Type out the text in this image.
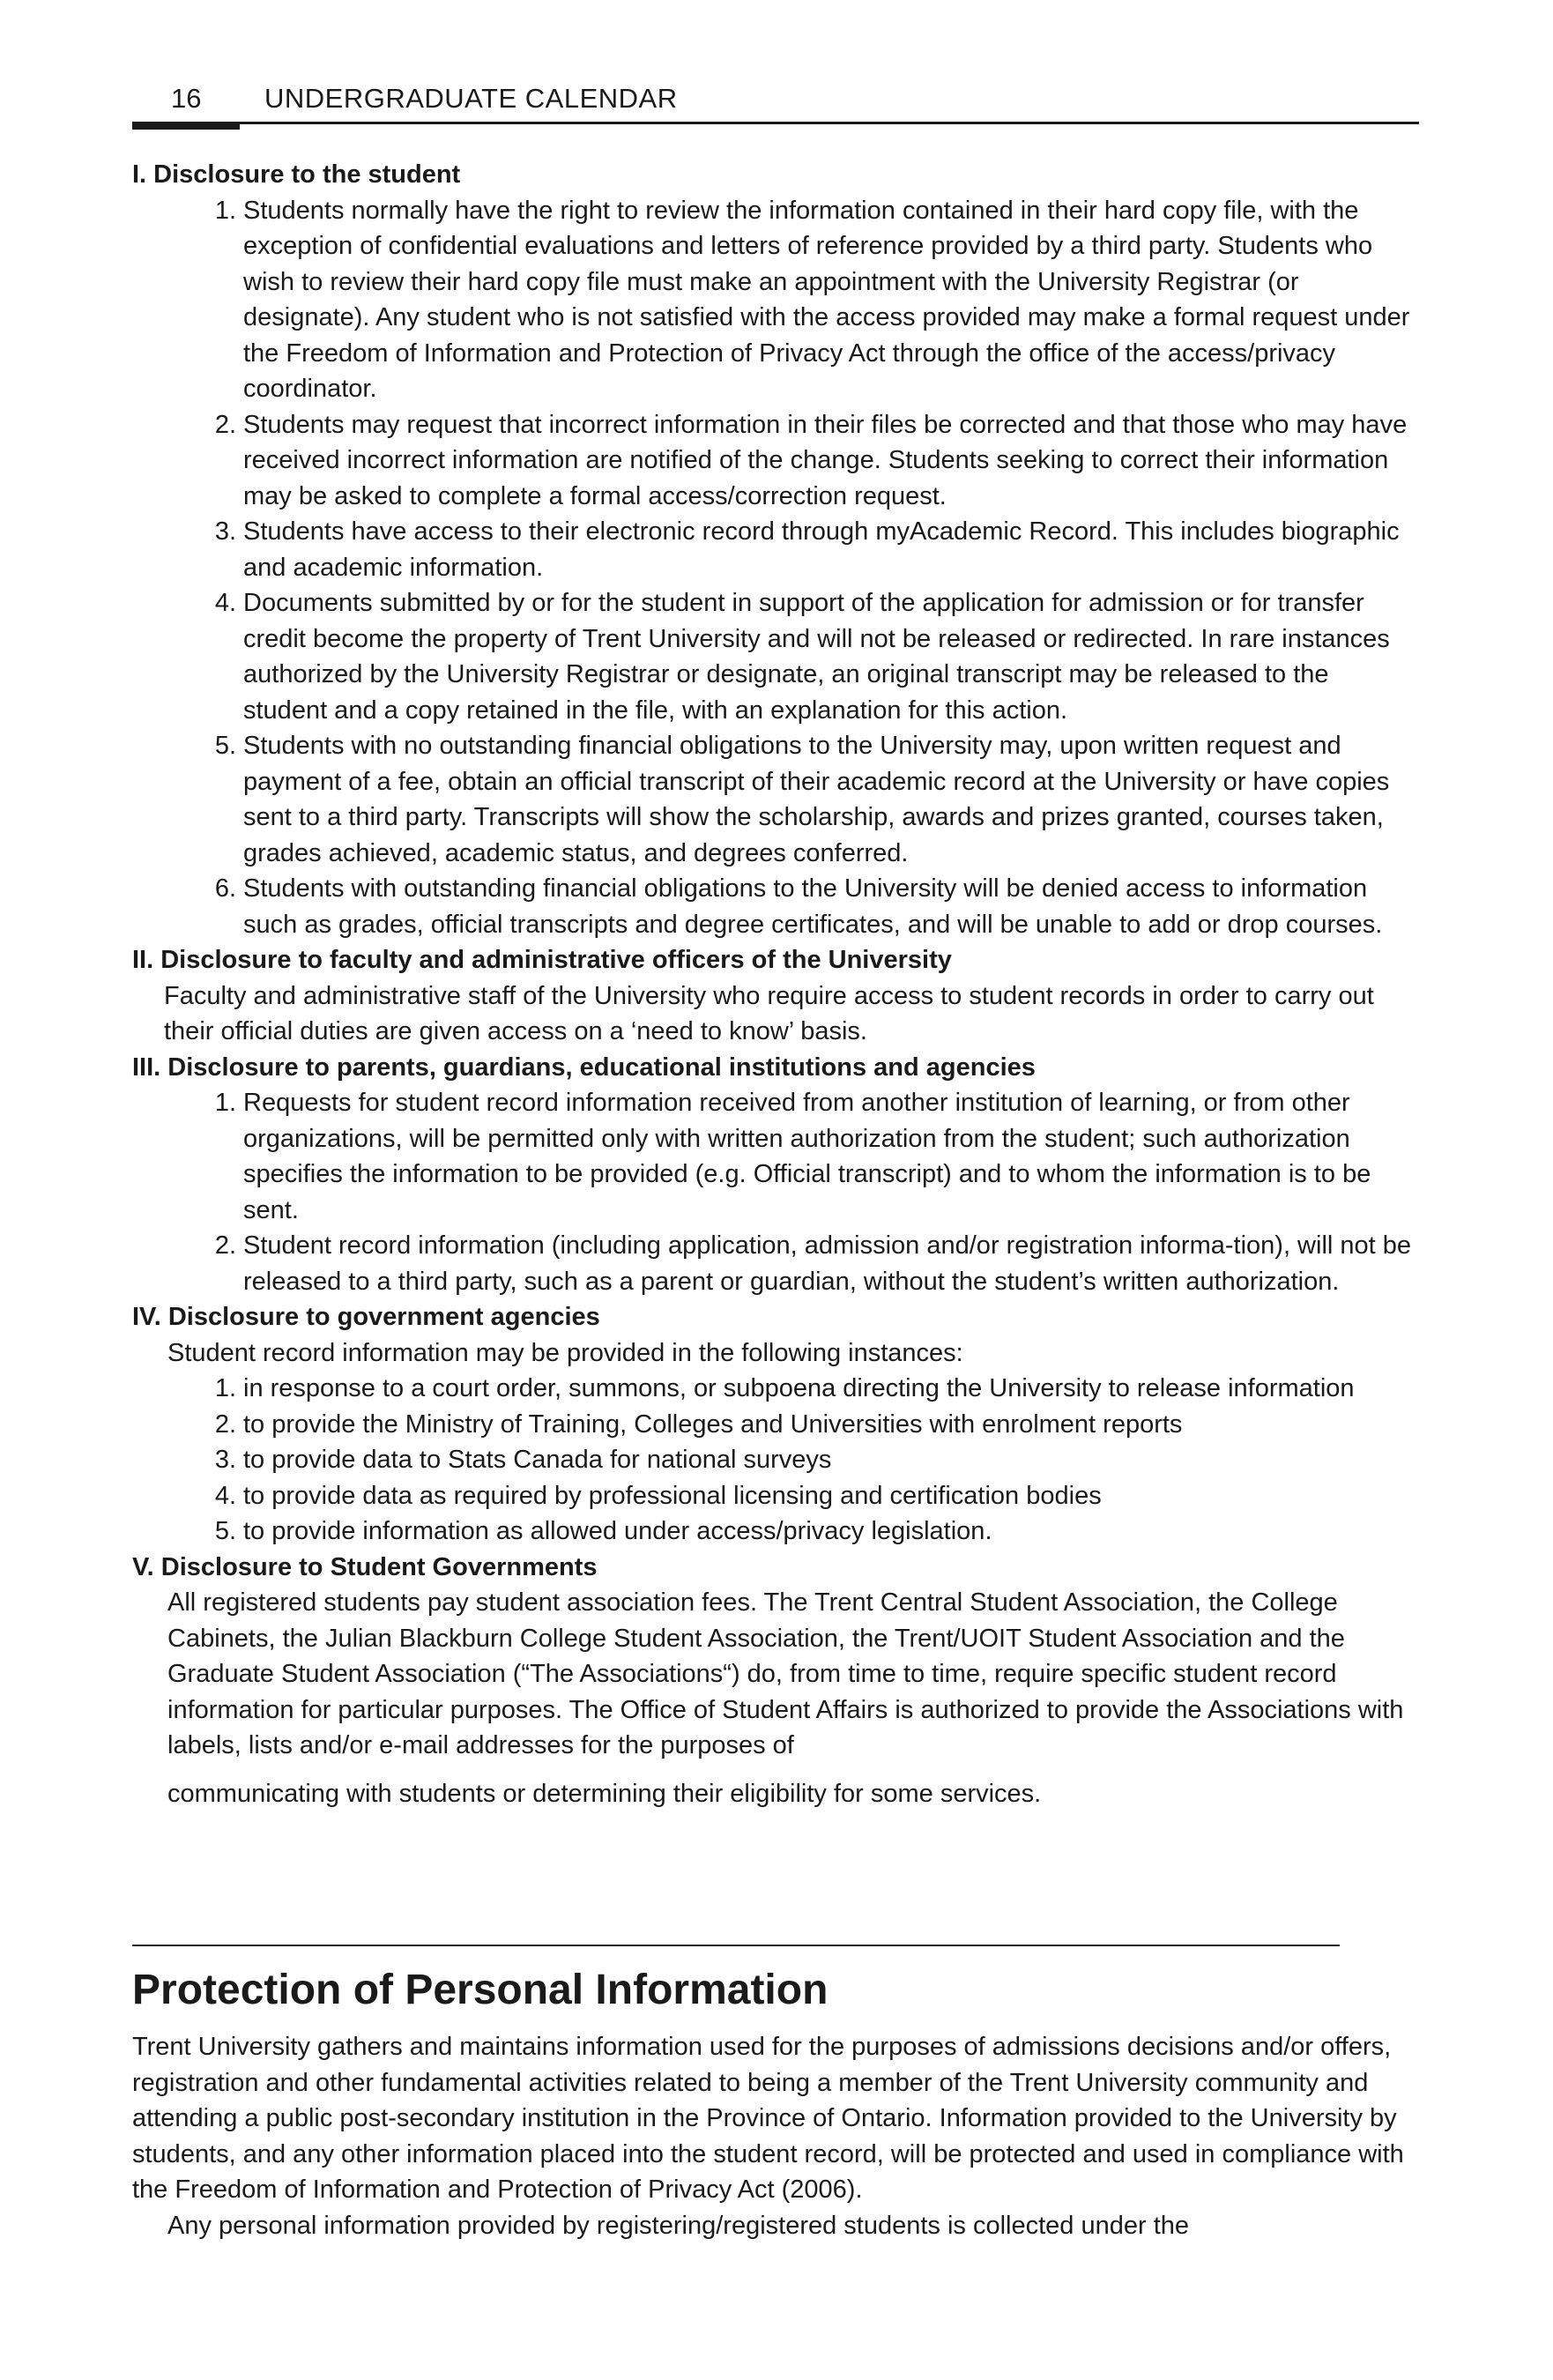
16 UNDERGRADUATE CALENDAR

I. Disclosure to the student

1. Students normally have the right to review the information contained in their hard copy file, with the exception of confidential evaluations and letters of reference provided by a third party. Students who wish to review their hard copy file must make an appointment with the University Registrar (or designate). Any student who is not satisfied with the access provided may make a formal request under the Freedom of Information and Protection of Privacy Act through the office of the access/privacy coordinator.
2. Students may request that incorrect information in their files be corrected and that those who may have received incorrect information are notified of the change. Students seeking to correct their information may be asked to complete a formal access/correction request.
3. Students have access to their electronic record through myAcademic Record. This includes biographic and academic information.
4. Documents submitted by or for the student in support of the application for admission or for transfer credit become the property of Trent University and will not be released or redirected. In rare instances authorized by the University Registrar or designate, an original transcript may be released to the student and a copy retained in the file, with an explanation for this action.
5. Students with no outstanding financial obligations to the University may, upon written request and payment of a fee, obtain an official transcript of their academic record at the University or have copies sent to a third party. Transcripts will show the scholarship, awards and prizes granted, courses taken, grades achieved, academic status, and degrees conferred.
6. Students with outstanding financial obligations to the University will be denied access to information such as grades, official transcripts and degree certificates, and will be unable to add or drop courses.

II. Disclosure to faculty and administrative officers of the University

Faculty and administrative staff of the University who require access to student records in order to carry out their official duties are given access on a ‘need to know’ basis.

III. Disclosure to parents, guardians, educational institutions and agencies

1. Requests for student record information received from another institution of learning, or from other organizations, will be permitted only with written authorization from the student; such authorization specifies the information to be provided (e.g. Official transcript) and to whom the information is to be sent.
2. Student record information (including application, admission and/or registration informa-tion), will not be released to a third party, such as a parent or guardian, without the student’s written authorization.

IV. Disclosure to government agencies

Student record information may be provided in the following instances:

1. in response to a court order, summons, or subpoena directing the University to release information
2. to provide the Ministry of Training, Colleges and Universities with enrolment reports
3. to provide data to Stats Canada for national surveys
4. to provide data as required by professional licensing and certification bodies
5. to provide information as allowed under access/privacy legislation.

V. Disclosure to Student Governments

All registered students pay student association fees. The Trent Central Student Association, the College Cabinets, the Julian Blackburn College Student Association, the Trent/UOIT Student Association and the Graduate Student Association (“The Associations“) do, from time to time, require specific student record information for particular purposes. The Office of Student Affairs is authorized to provide the Associations with labels, lists and/or e-mail addresses for the purposes of

communicating with students or determining their eligibility for some services.

Protection of Personal Information

Trent University gathers and maintains information used for the purposes of admissions decisions and/or offers, registration and other fundamental activities related to being a member of the Trent University community and attending a public post-secondary institution in the Province of Ontario. Information provided to the University by students, and any other information placed into the student record, will be protected and used in compliance with the Freedom of Information and Protection of Privacy Act (2006).

Any personal information provided by registering/registered students is collected under the
